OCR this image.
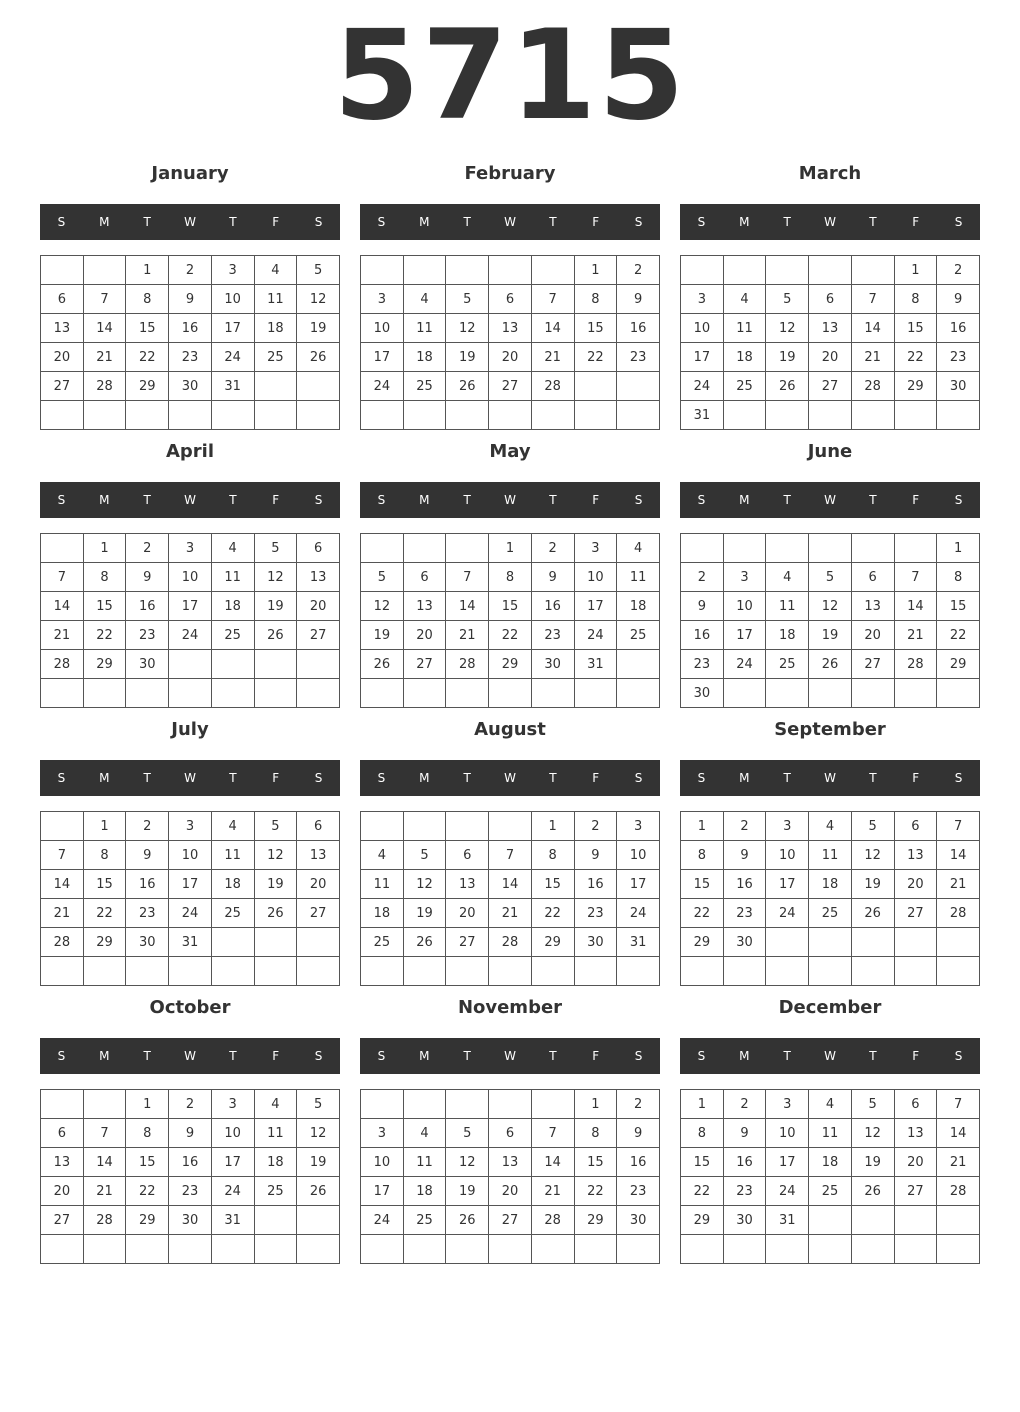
5715
January
S	M	T	W	T	F	S
		1	2	3	4	5
6	7	8	9	10	11	12
13	14	15	16	17	18	19
20	21	22	23	24	25	26
27	28	29	30	31		

February
S	M	T	W	T	F	S
					1	2
3	4	5	6	7	8	9
10	11	12	13	14	15	16
17	18	19	20	21	22	23
24	25	26	27	28		

March
S	M	T	W	T	F	S
					1	2
3	4	5	6	7	8	9
10	11	12	13	14	15	16
17	18	19	20	21	22	23
24	25	26	27	28	29	30
31						
April
S	M	T	W	T	F	S
	1	2	3	4	5	6
7	8	9	10	11	12	13
14	15	16	17	18	19	20
21	22	23	24	25	26	27
28	29	30				

May
S	M	T	W	T	F	S
			1	2	3	4
5	6	7	8	9	10	11
12	13	14	15	16	17	18
19	20	21	22	23	24	25
26	27	28	29	30	31	

June
S	M	T	W	T	F	S
						1
2	3	4	5	6	7	8
9	10	11	12	13	14	15
16	17	18	19	20	21	22
23	24	25	26	27	28	29
30						
July
S	M	T	W	T	F	S
	1	2	3	4	5	6
7	8	9	10	11	12	13
14	15	16	17	18	19	20
21	22	23	24	25	26	27
28	29	30	31			

August
S	M	T	W	T	F	S
				1	2	3
4	5	6	7	8	9	10
11	12	13	14	15	16	17
18	19	20	21	22	23	24
25	26	27	28	29	30	31

September
S	M	T	W	T	F	S
1	2	3	4	5	6	7
8	9	10	11	12	13	14
15	16	17	18	19	20	21
22	23	24	25	26	27	28
29	30					

October
S	M	T	W	T	F	S
		1	2	3	4	5
6	7	8	9	10	11	12
13	14	15	16	17	18	19
20	21	22	23	24	25	26
27	28	29	30	31		

November
S	M	T	W	T	F	S
					1	2
3	4	5	6	7	8	9
10	11	12	13	14	15	16
17	18	19	20	21	22	23
24	25	26	27	28	29	30

December
S	M	T	W	T	F	S
1	2	3	4	5	6	7
8	9	10	11	12	13	14
15	16	17	18	19	20	21
22	23	24	25	26	27	28
29	30	31				
